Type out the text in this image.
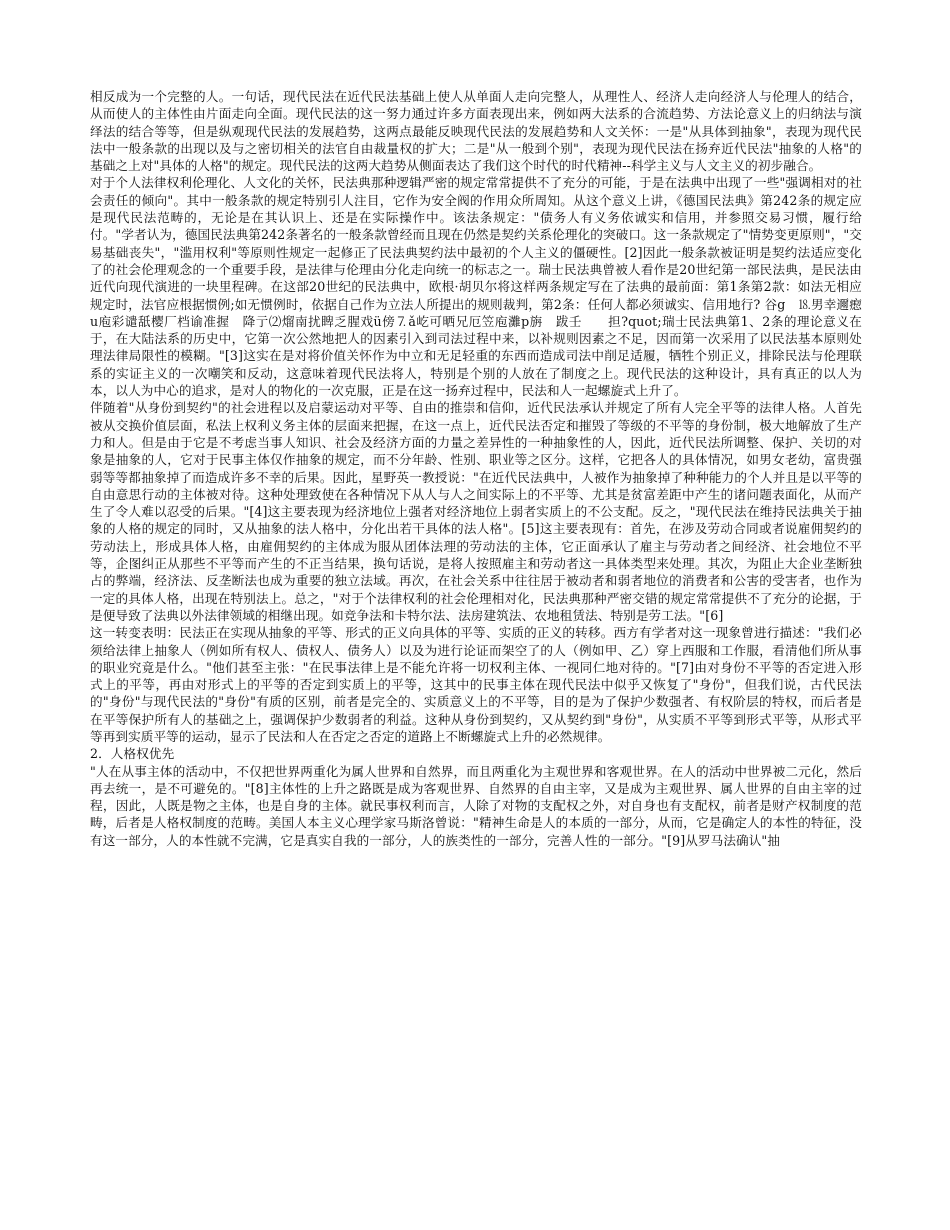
相反成为一个完整的人。一句话，现代民法在近代民法基础上使人从单面人走向完整人，从理性人、经济人走向经济人与伦理人的结合，从而使人的主体性由片面走向全面。现代民法的这一努力通过许多方面表现出来，例如两大法系的合流趋势、方法论意义上的归纳法与演绎法的结合等等，但是纵观现代民法的发展趋势，这两点最能反映现代民法的发展趋势和人文关怀：一是"从具体到抽象"，表现为现代民法中一般条款的出现以及与之密切相关的法官自由裁量权的扩大；二是"从一般到个别"，表现为现代民法在扬弃近代民法"抽象的人格"的基础之上对"具体的人格"的规定。现代民法的这两大趋势从侧面表达了我们这个时代的时代精神--科学主义与人文主义的初步融合。

对于个人法律权利伦理化、人文化的关怀，民法典那种逻辑严密的规定常常提供不了充分的可能，于是在法典中出现了一些"强调相对的社会责任的倾向"。其中一般条款的规定特别引人注目，它作为安全阀的作用众所周知。从这个意义上讲，《德国民法典》第242条的规定应是现代民法范畴的，无论是在其认识上、还是在实际操作中。该法条规定："债务人有义务依诚实和信用，并参照交易习惯，履行给付。"学者认为，德国民法典第242条著名的一般条款曾经而且现在仍然是契约关系伦理化的突破口。这一条款规定了"情势变更原则"，"交易基础丧失"，"滥用权利"等原则性规定一起修正了民法典契约法中最初的个人主义的僵硬性。[2]因此一般条款被证明是契约法适应变化了的社会伦理观念的一个重要手段，是法律与伦理由分化走向统一的标志之一。瑞士民法典曾被人看作是20世纪第一部民法典，是民法由近代向现代演进的一块里程碑。在这部20世纪的民法典中，欧根·胡贝尔将这样两条规定写在了法典的最前面：第1条第2款：如法无相应规定时，法官应根据惯例;如无惯例时，依据自己作为立法人所提出的规则裁判，第2条：任何人都必须诚实、信用地行? 谷g　⒙男幸邇瘛u庖彩谴舐樱厂档谕准握　降亍⑵熘南扰睥乏腥戏ü傍⒎ǎ屹可晒兄厄笠庖灘p旃　跋壬　　担?quot;瑞士民法典第1、2条的理论意义在于，在大陆法系的历史中，它第一次公然地把人的因素引入到司法过程中来，以补规则因素之不足，因而第一次采用了以民法基本原则处理法律局限性的模糊。"[3]这实在是对将价值关怀作为中立和无足轻重的东西而造成司法中削足适履，牺牲个别正义，排除民法与伦理联系的实证主义的一次嘲笑和反动，这意味着现代民法将人，特别是个别的人放在了制度之上。现代民法的这种设计，具有真正的以人为本，以人为中心的追求，是对人的物化的一次克服，正是在这一扬弃过程中，民法和人一起螺旋式上升了。

伴随着"从身份到契约"的社会进程以及启蒙运动对平等、自由的推崇和信仰，近代民法承认并规定了所有人完全平等的法律人格。人首先被从交换价值层面，私法上权利义务主体的层面来把握，在这一点上，近代民法否定和摧毁了等级的不平等的身份制，极大地解放了生产力和人。但是由于它是不考虑当事人知识、社会及经济方面的力量之差异性的一种抽象性的人，因此，近代民法所调整、保护、关切的对象是抽象的人，它对于民事主体仅作抽象的规定，而不分年龄、性别、职业等之区分。这样，它把各人的具体情况，如男女老幼，富贵强弱等等都抽象掉了而造成许多不幸的后果。因此，星野英一教授说："在近代民法典中，人被作为抽象掉了种种能力的个人并且是以平等的自由意思行动的主体被对待。这种处理致使在各种情况下从人与人之间实际上的不平等、尤其是贫富差距中产生的诸问题表面化，从而产生了令人难以忍受的后果。"[4]这主要表现为经济地位上强者对经济地位上弱者实质上的不公支配。反之，"现代民法在维持民法典关于抽象的人格的规定的同时，又从抽象的法人格中，分化出若干具体的法人格"。[5]这主要表现有：首先，在涉及劳动合同或者说雇佣契约的劳动法上，形成具体人格，由雇佣契约的主体成为服从团体法理的劳动法的主体，它正面承认了雇主与劳动者之间经济、社会地位不平等，企图纠正从那些不平等而产生的不正当结果，换句话说，是将人按照雇主和劳动者这一具体类型来处理。其次，为阻止大企业垄断独占的弊端，经济法、反垄断法也成为重要的独立法域。再次，在社会关系中往往居于被动者和弱者地位的消费者和公害的受害者，也作为一定的具体人格，出现在特别法上。总之，"对于个法律权利的社会伦理相对化，民法典那种严密交错的规定常常提供不了充分的论据，于是便导致了法典以外法律领域的相继出现。如竞争法和卡特尔法、法房建筑法、农地租赁法、特别是劳工法。"[6]

这一转变表明：民法正在实现从抽象的平等、形式的正义向具体的平等、实质的正义的转移。西方有学者对这一现象曾进行描述："我们必须给法律上抽象人（例如所有权人、债权人、债务人）以及为进行论证而架空了的人（例如甲、乙）穿上西服和工作服，看清他们所从事的职业究竟是什么。"他们甚至主张："在民事法律上是不能允许将一切权利主体、一视同仁地对待的。"[7]由对身份不平等的否定进入形式上的平等，再由对形式上的平等的否定到实质上的平等，这其中的民事主体在现代民法中似乎又恢复了"身份"，但我们说，古代民法的"身份"与现代民法的"身份"有质的区别，前者是完全的、实质意义上的不平等，目的是为了保护少数强者、有权阶层的特权，而后者是在平等保护所有人的基础之上，强调保护少数弱者的利益。这种从身份到契约，又从契约到"身份"，从实质不平等到形式平等，从形式平等再到实质平等的运动，显示了民法和人在否定之否定的道路上不断螺旋式上升的必然规律。

2．人格权优先

"人在从事主体的活动中，不仅把世界两重化为属人世界和自然界，而且两重化为主观世界和客观世界。在人的活动中世界被二元化，然后再去统一，是不可避免的。"[8]主体性的上升之路既是成为客观世界、自然界的自由主宰，又是成为主观世界、属人世界的自由主宰的过程，因此，人既是物之主体，也是自身的主体。就民事权利而言，人除了对物的支配权之外，对自身也有支配权，前者是财产权制度的范畴，后者是人格权制度的范畴。美国人本主义心理学家马斯洛曾说："精神生命是人的本质的一部分，从而，它是确定人的本性的特征，没有这一部分，人的本性就不完满，它是真实自我的一部分，人的族类性的一部分，完善人性的一部分。"[9]从罗马法确认"抽
